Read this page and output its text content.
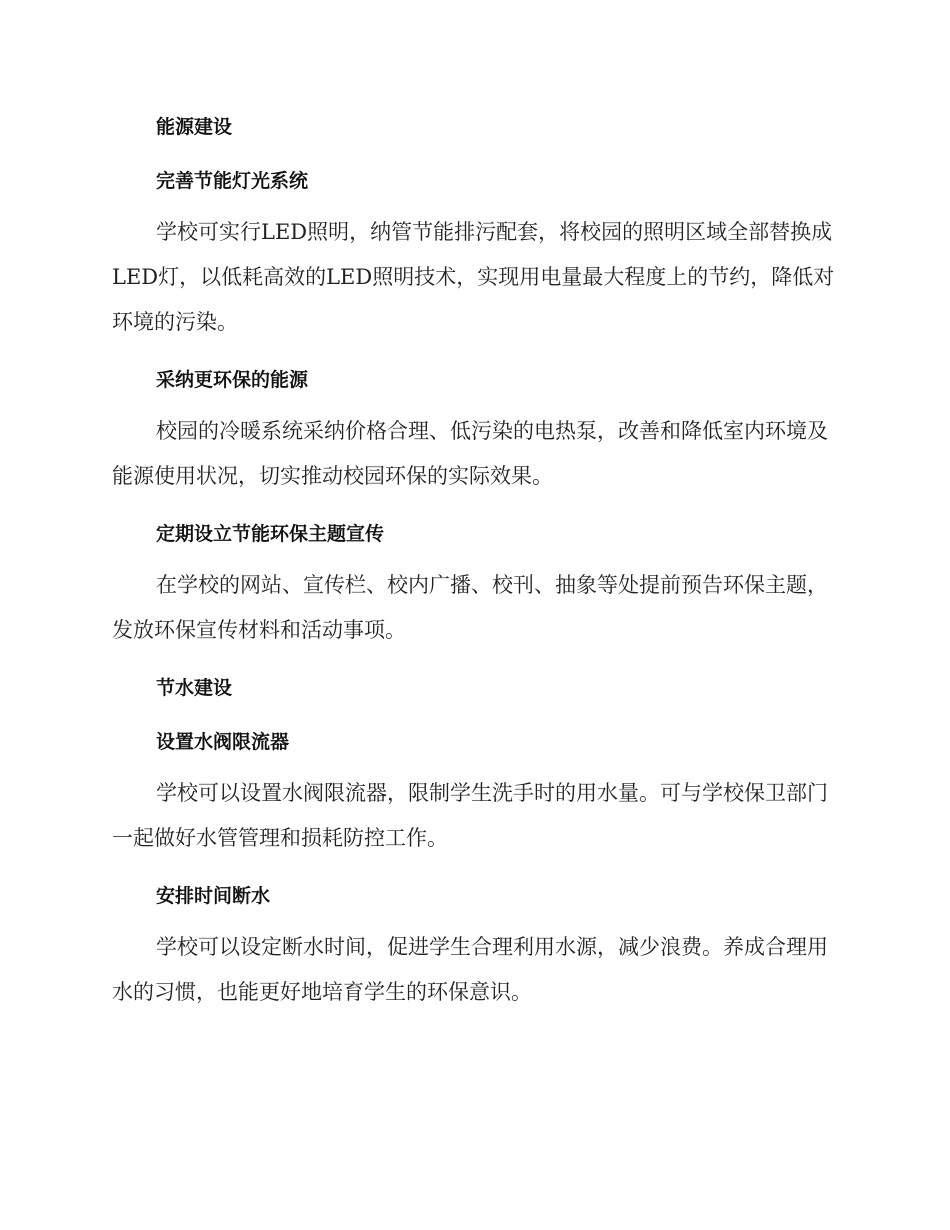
能源建设
完善节能灯光系统

学校可实行LED照明，纳管节能排污配套，将校园的照明区域全部替换成LED灯，以低耗高效的LED照明技术，实现用电量最大程度上的节约，降低对环境的污染。

采纳更环保的能源

校园的冷暖系统采纳价格合理、低污染的电热泵，改善和降低室内环境及能源使用状况，切实推动校园环保的实际效果。

定期设立节能环保主题宣传

在学校的网站、宣传栏、校内广播、校刊、抽象等处提前预告环保主题，发放环保宣传材料和活动事项。

节水建设
设置水阀限流器

学校可以设置水阀限流器，限制学生洗手时的用水量。可与学校保卫部门一起做好水管管理和损耗防控工作。

安排时间断水

学校可以设定断水时间，促进学生合理利用水源，减少浪费。养成合理用水的习惯，也能更好地培育学生的环保意识。
